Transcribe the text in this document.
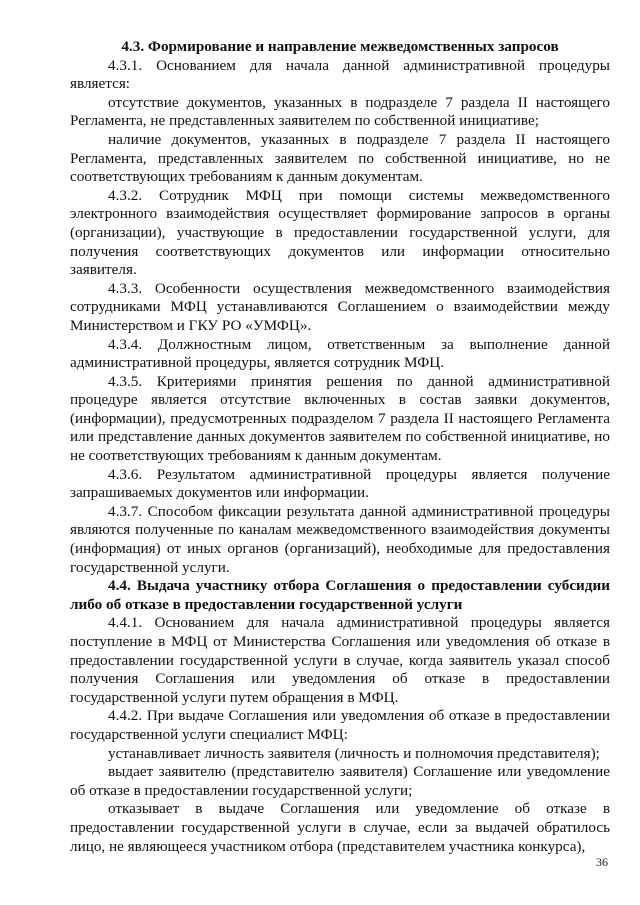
4.3. Формирование и направление межведомственных запросов

4.3.1. Основанием для начала данной административной процедуры является:

отсутствие документов, указанных в подразделе 7 раздела II настоящего Регламента, не представленных заявителем по собственной инициативе;

наличие документов, указанных в подразделе 7 раздела II настоящего Регламента, представленных заявителем по собственной инициативе, но не соответствующих требованиям к данным документам.

4.3.2. Сотрудник МФЦ при помощи системы межведомственного электронного взаимодействия осуществляет формирование запросов в органы (организации), участвующие в предоставлении государственной услуги, для получения соответствующих документов или информации относительно заявителя.

4.3.3. Особенности осуществления межведомственного взаимодействия сотрудниками МФЦ устанавливаются Соглашением о взаимодействии между Министерством и ГКУ РО «УМФЦ».

4.3.4. Должностным лицом, ответственным за выполнение данной административной процедуры, является сотрудник МФЦ.

4.3.5. Критериями принятия решения по данной административной процедуре является отсутствие включенных в состав заявки документов, (информации), предусмотренных подразделом 7 раздела II настоящего Регламента или представление данных документов заявителем по собственной инициативе, но не соответствующих требованиям к данным документам.

4.3.6. Результатом административной процедуры является получение запрашиваемых документов или информации.

4.3.7. Способом фиксации результата данной административной процедуры являются полученные по каналам межведомственного взаимодействия документы (информация) от иных органов (организаций), необходимые для предоставления государственной услуги.

4.4. Выдача участнику отбора Соглашения о предоставлении субсидии либо об отказе в предоставлении государственной услуги

4.4.1. Основанием для начала административной процедуры является поступление в МФЦ от Министерства Соглашения или уведомления об отказе в предоставлении государственной услуги в случае, когда заявитель указал способ получения Соглашения или уведомления об отказе в предоставлении государственной услуги путем обращения в МФЦ.

4.4.2. При выдаче Соглашения или уведомления об отказе в предоставлении государственной услуги специалист МФЦ:

устанавливает личность заявителя (личность и полномочия представителя);

выдает заявителю (представителю заявителя) Соглашение или уведомление об отказе в предоставлении государственной услуги;

отказывает в выдаче Соглашения или уведомление об отказе в предоставлении государственной услуги в случае, если за выдачей обратилось лицо, не являющееся участником отбора (представителем участника конкурса),

36
